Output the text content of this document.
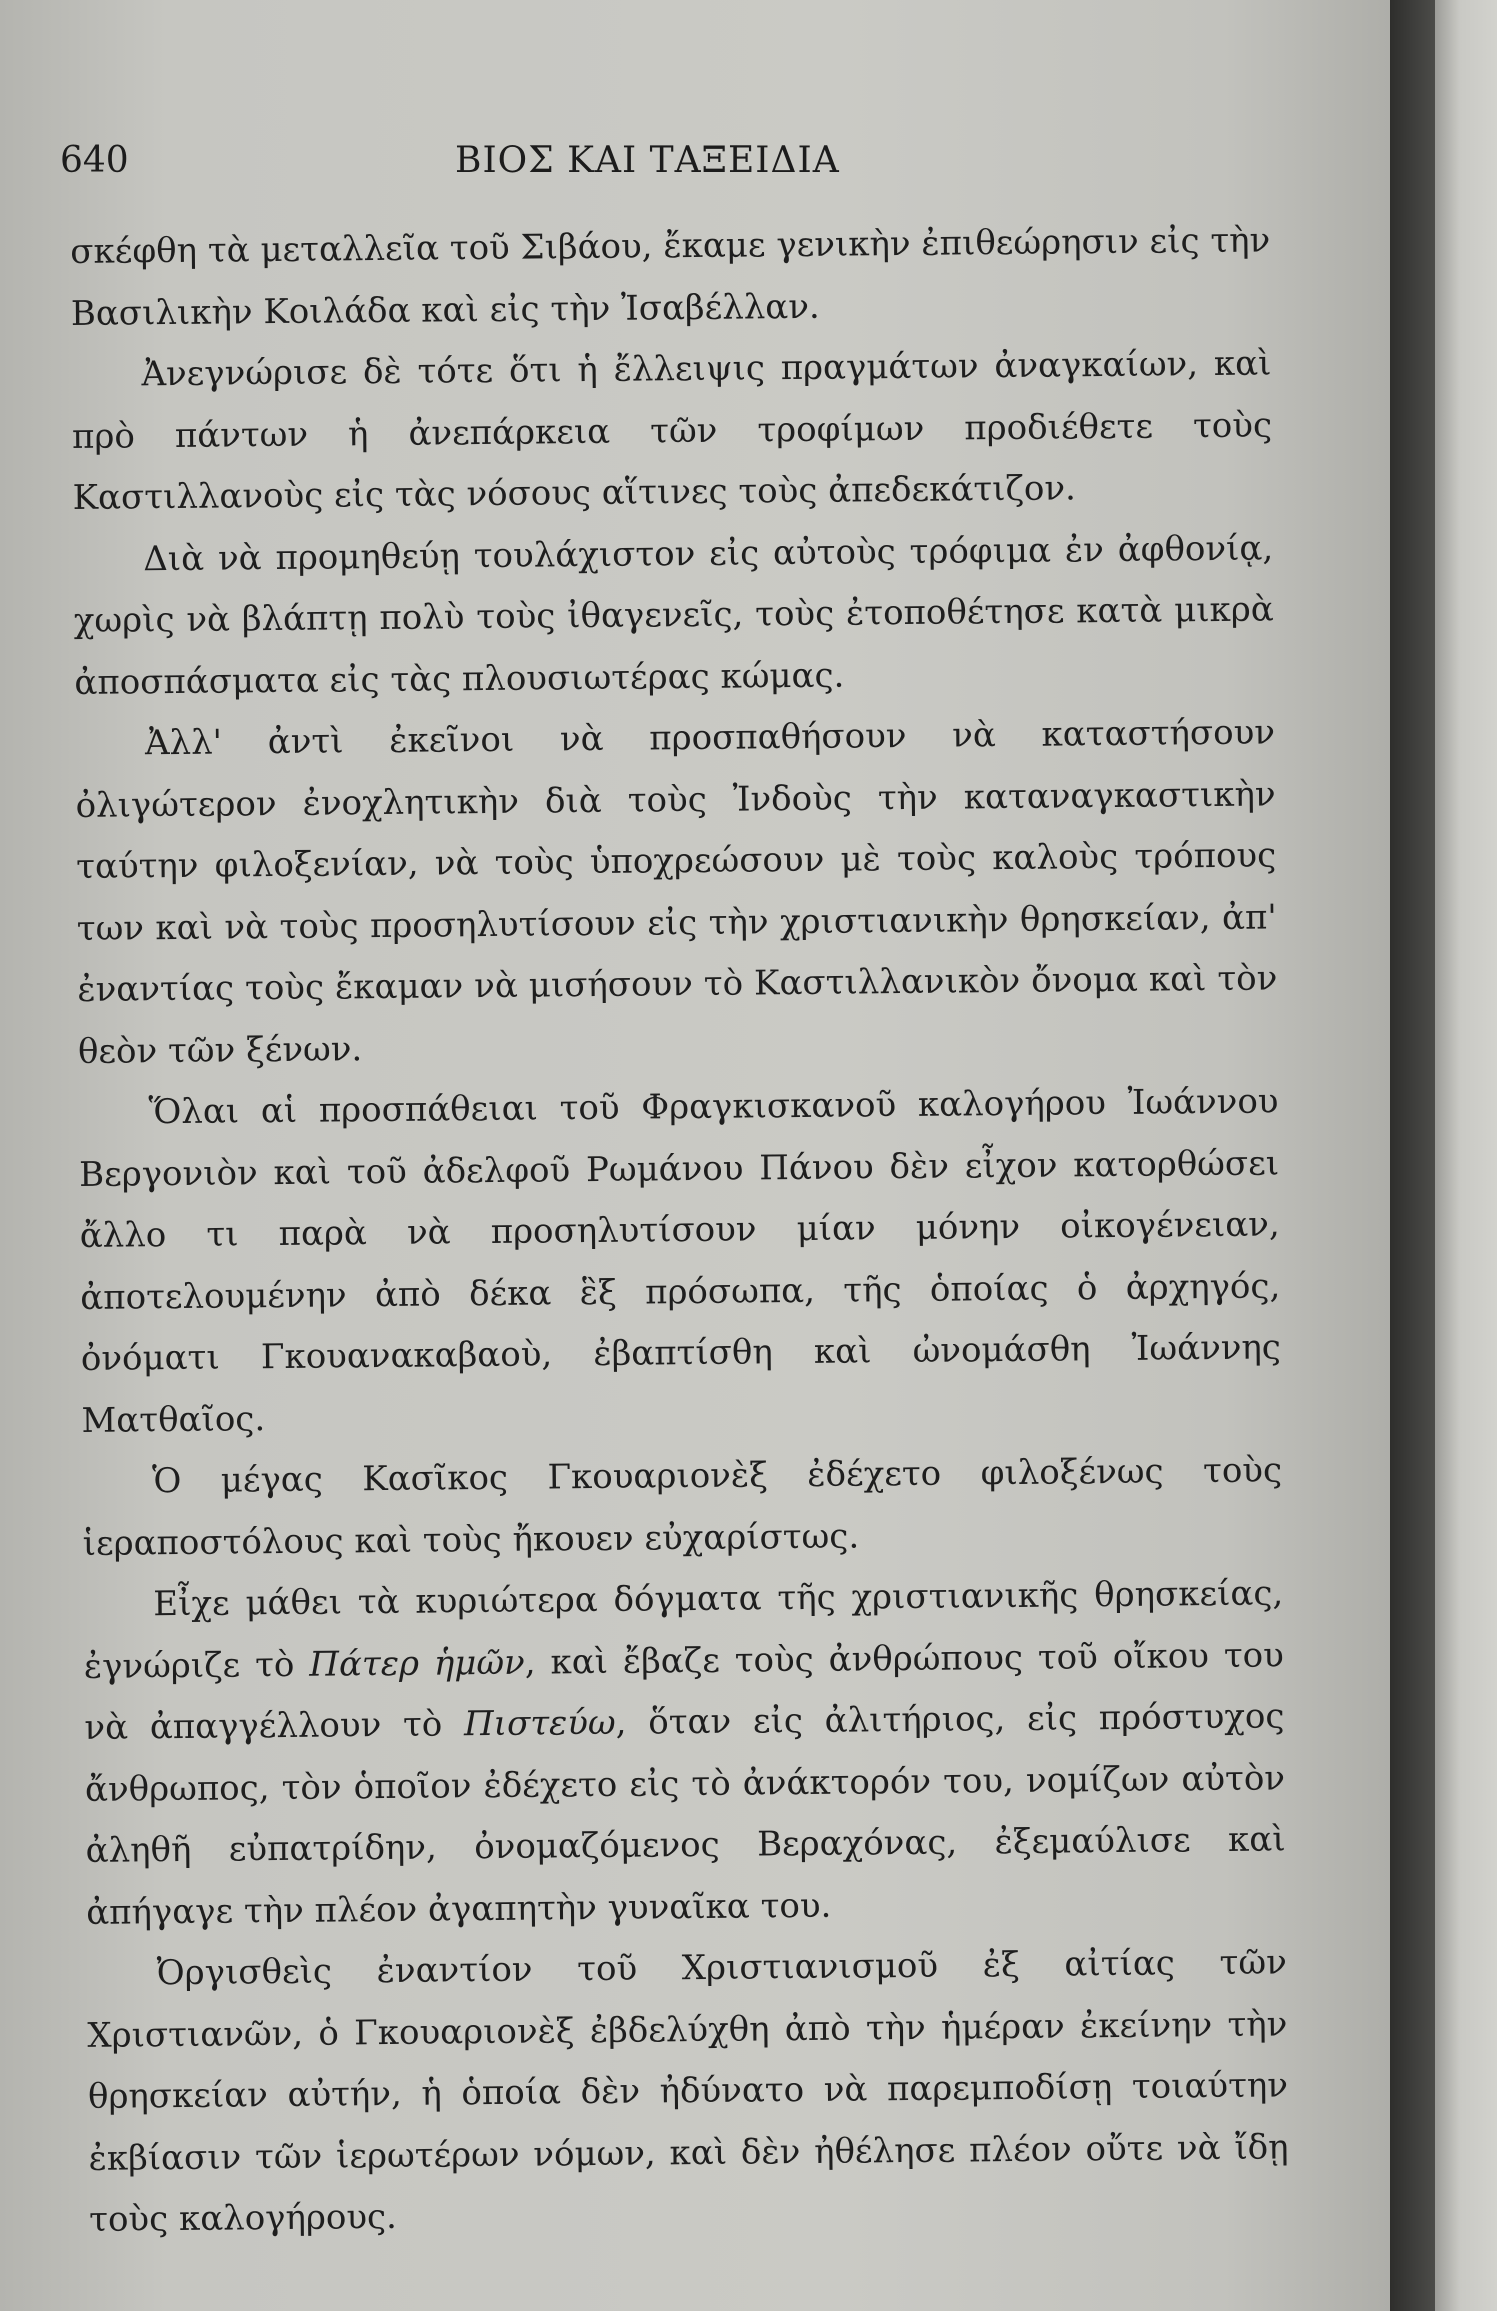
640	ΒΙΟΣ ΚΑΙ ΤΑΞΕΙΔΙΑ

σκέφθη τὰ μεταλλεῖα τοῦ Σιβάου, ἔκαμε γενικὴν ἐπιθεώρησιν εἰς τὴν Βασιλικὴν Κοιλάδα καὶ εἰς τὴν Ἰσαβέλλαν.

Ἀνεγνώρισε δὲ τότε ὅτι ἡ ἔλλειψις πραγμάτων ἀναγκαίων, καὶ πρὸ πάντων ἡ ἀνεπάρκεια τῶν τροφίμων προδιέθετε τοὺς Καστιλλανοὺς εἰς τὰς νόσους αἵτινες τοὺς ἀπεδεκάτιζον.

Διὰ νὰ προμηθεύῃ τουλάχιστον εἰς αὐτοὺς τρόφιμα ἐν ἀφθονίᾳ, χωρὶς νὰ βλάπτῃ πολὺ τοὺς ἰθαγενεῖς, τοὺς ἐτοποθέτησε κατὰ μικρὰ ἀποσπάσματα εἰς τὰς πλουσιωτέρας κώμας.

Ἀλλ' ἀντὶ ἐκεῖνοι νὰ προσπαθήσουν νὰ καταστήσουν ὀλιγώτερον ἐνοχλητικὴν διὰ τοὺς Ἰνδοὺς τὴν καταναγκαστικὴν ταύτην φιλοξενίαν, νὰ τοὺς ὑποχρεώσουν μὲ τοὺς καλοὺς τρόπους των καὶ νὰ τοὺς προσηλυτίσουν εἰς τὴν χριστιανικὴν θρησκείαν, ἀπ' ἐναντίας τοὺς ἔκαμαν νὰ μισήσουν τὸ Καστιλλανικὸν ὄνομα καὶ τὸν θεὸν τῶν ξένων.

Ὅλαι αἱ προσπάθειαι τοῦ Φραγκισκανοῦ καλογήρου Ἰωάννου Βεργονιὸν καὶ τοῦ ἀδελφοῦ Ρωμάνου Πάνου δὲν εἶχον κατορθώσει ἄλλο τι παρὰ νὰ προσηλυτίσουν μίαν μόνην οἰκογένειαν, ἀποτελουμένην ἀπὸ δέκα ἓξ πρόσωπα, τῆς ὁποίας ὁ ἀρχηγός, ὀνόματι Γκουανακαβαοὺ, ἐβαπτίσθη καὶ ὠνομάσθη Ἰωάννης Ματθαῖος.

Ὁ μέγας Κασῖκος Γκουαριονὲξ ἐδέχετο φιλοξένως τοὺς ἱεραποστόλους καὶ τοὺς ἤκουεν εὐχαρίστως.

Εἶχε μάθει τὰ κυριώτερα δόγματα τῆς χριστιανικῆς θρησκείας, ἐγνώριζε τὸ Πάτερ ἡμῶν, καὶ ἔβαζε τοὺς ἀνθρώπους τοῦ οἴκου του νὰ ἀπαγγέλλουν τὸ Πιστεύω, ὅταν εἰς ἀλιτήριος, εἰς πρόστυχος ἄνθρωπος, τὸν ὁποῖον ἐδέχετο εἰς τὸ ἀνάκτορόν του, νομίζων αὐτὸν ἀληθῆ εὐπατρίδην, ὀνομαζόμενος Βεραχόνας, ἐξεμαύλισε καὶ ἀπήγαγε τὴν πλέον ἀγαπητὴν γυναῖκα του.

Ὀργισθεὶς ἐναντίον τοῦ Χριστιανισμοῦ ἐξ αἰτίας τῶν Χριστιανῶν, ὁ Γκουαριονὲξ ἐβδελύχθη ἀπὸ τὴν ἡμέραν ἐκείνην τὴν θρησκείαν αὐτήν, ἡ ὁποία δὲν ἠδύνατο νὰ παρεμποδίσῃ τοιαύτην ἐκβίασιν τῶν ἱερωτέρων νόμων, καὶ δὲν ἠθέλησε πλέον οὔτε νὰ ἴδῃ τοὺς καλογήρους.
